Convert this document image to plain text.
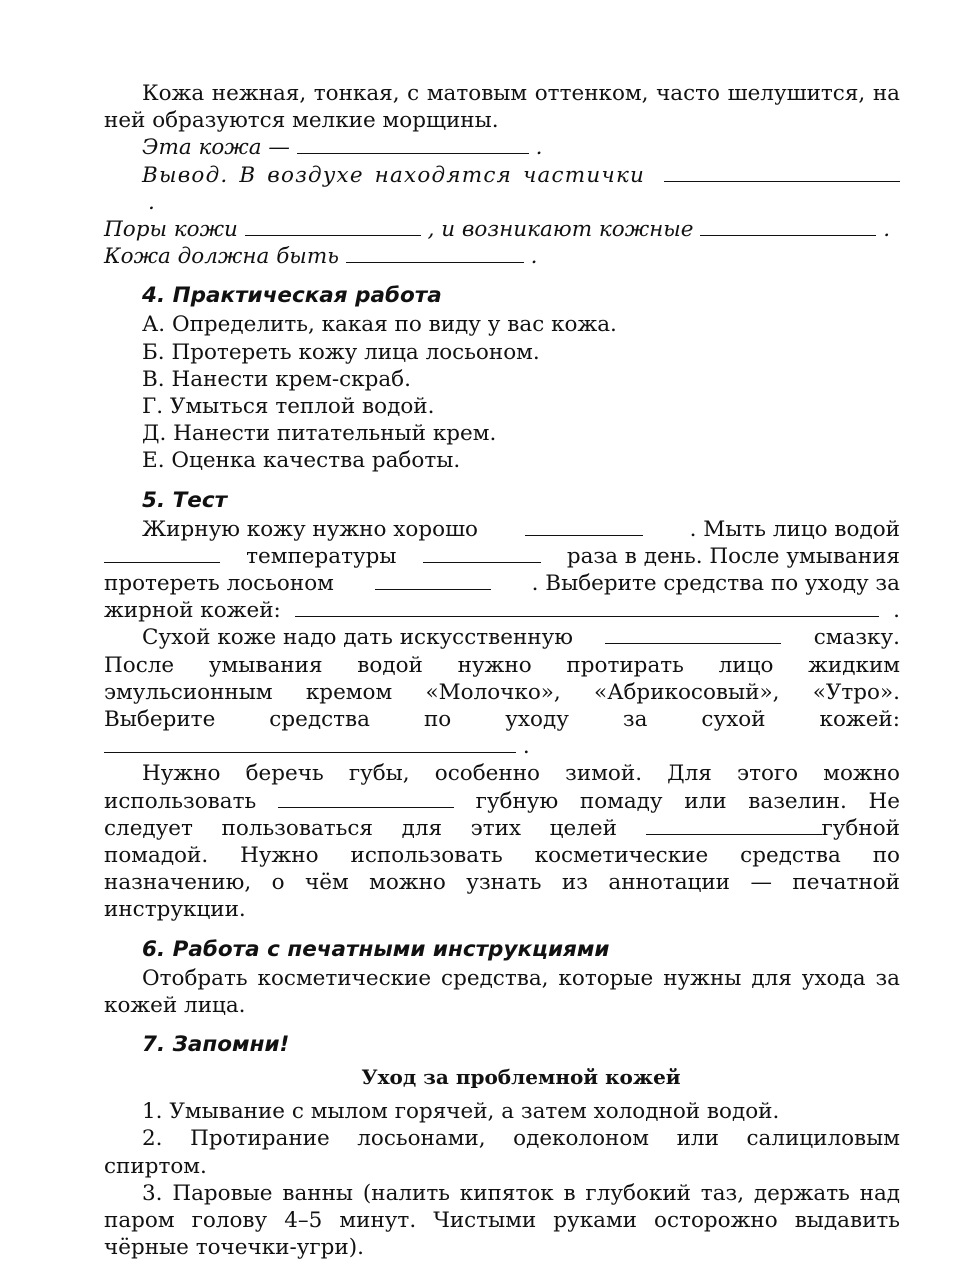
Кожа нежная, тонкая, с матовым оттенком, часто шелушится, на ней образуются мелкие морщины.

Эта кожа —	.

Вывод. В воздухе находятся частички  .

Поры кожи	, и возникают кожные	.

Кожа должна быть	.

4. Практическая работа

А. Определить, какая по виду у вас кожа.

Б. Протереть кожу лица лосьоном.

В. Нанести крем-скраб.

Г. Умыться теплой водой.

Д. Нанести питательный крем.

Е. Оценка качества работы.

5. Тест
Жирную кожу нужно хорошо	. Мыть лицо водой
температуры	раза в день. После умывания
протереть лосьоном	. Выберите средства по уходу за
жирной кожей:	.
Сухой коже надо дать искусственную	смазку.

После умывания водой нужно протирать лицо жидким эмульсионным кремом «Молочко», «Абрикосовый», «Утро». Выберите средства по уходу за сухой кожей:  .

Нужно беречь губы, особенно зимой. Для этого можно использовать	губную помаду или вазелин. Не следует пользоваться для этих целей	губной помадой. Нужно использовать косметические средства по назначению, о чём можно узнать из аннотации — печатной инструкции.

6. Работа с печатными инструкциями

Отобрать косметические средства, которые нужны для ухода за кожей лица.

7. Запомни!

Уход за проблемной кожей

1. Умывание с мылом горячей, а затем холодной водой.

2. Протирание лосьонами, одеколоном или салициловым спиртом.

3. Паровые ванны (налить кипяток в глубокий таз, держать над паром голову 4–5 минут. Чистыми руками осторожно выдавить чёрные точечки-угри).
